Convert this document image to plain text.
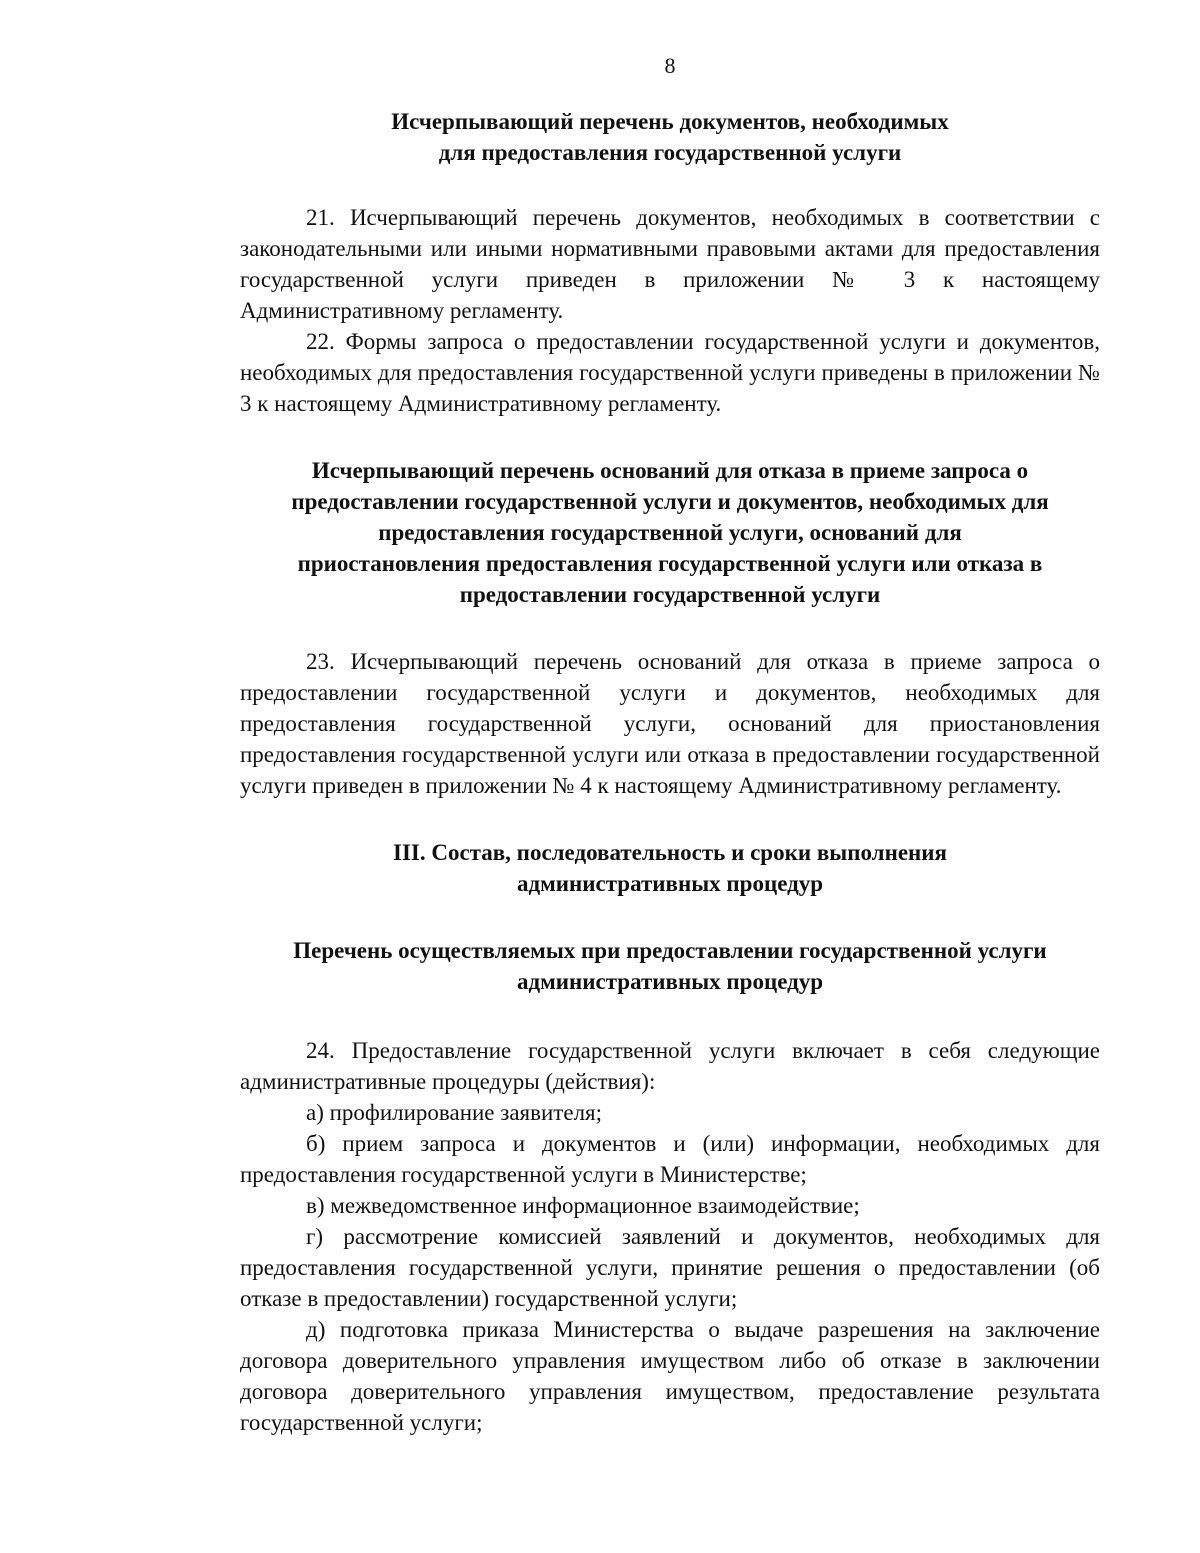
8
Исчерпывающий перечень документов, необходимых
для предоставления государственной услуги

21. Исчерпывающий перечень документов, необходимых в соответствии с законодательными или иными нормативными правовыми актами для предоставления государственной услуги приведен в приложении № 3 к настоящему Административному регламенту.

22. Формы запроса о предоставлении государственной услуги и документов, необходимых для предоставления государственной услуги приведены в приложении № 3 к настоящему Административному регламенту.

Исчерпывающий перечень оснований для отказа в приеме запроса о
предоставлении государственной услуги и документов, необходимых для
предоставления государственной услуги, оснований для
приостановления предоставления государственной услуги или отказа в
предоставлении государственной услуги

23. Исчерпывающий перечень оснований для отказа в приеме запроса о предоставлении государственной услуги и документов, необходимых для предоставления государственной услуги, оснований для приостановления предоставления государственной услуги или отказа в предоставлении государственной услуги приведен в приложении № 4 к настоящему Административному регламенту.

III. Состав, последовательность и сроки выполнения
административных процедур
Перечень осуществляемых при предоставлении государственной услуги
административных процедур

24. Предоставление государственной услуги включает в себя следующие административные процедуры (действия):

а) профилирование заявителя;

б) прием запроса и документов и (или) информации, необходимых для предоставления государственной услуги в Министерстве;

в) межведомственное информационное взаимодействие;

г) рассмотрение комиссией заявлений и документов, необходимых для предоставления государственной услуги, принятие решения о предоставлении (об отказе в предоставлении) государственной услуги;

д) подготовка приказа Министерства о выдаче разрешения на заключение договора доверительного управления имуществом либо об отказе в заключении договора доверительного управления имуществом, предоставление результата государственной услуги;
